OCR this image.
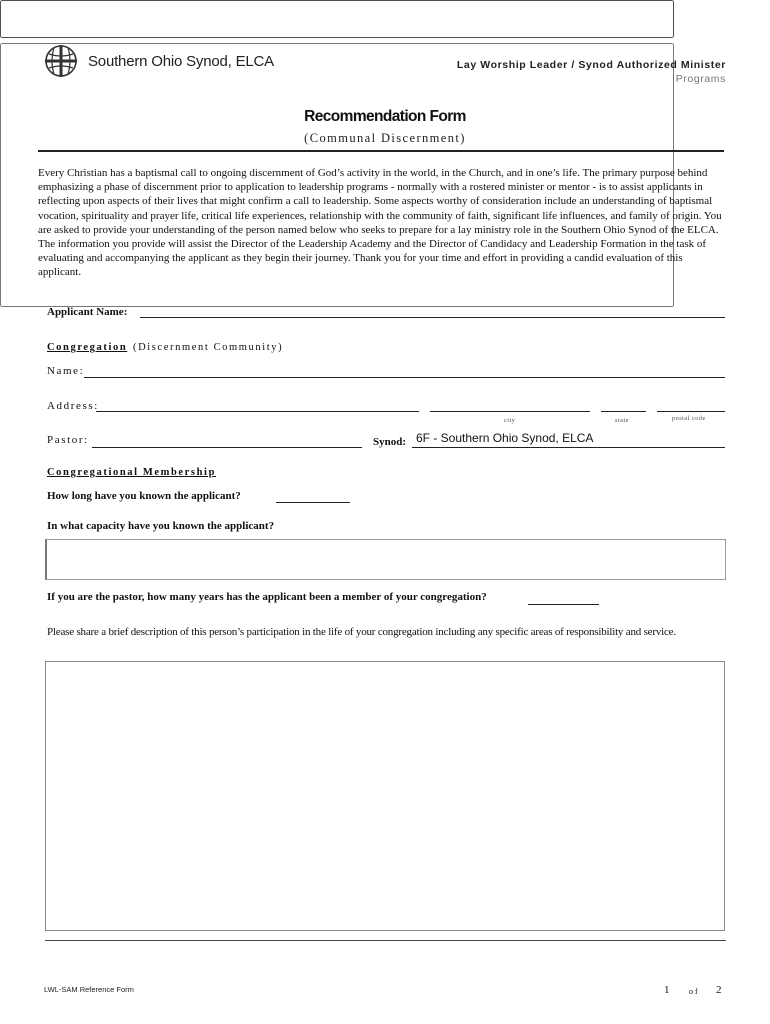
Southern Ohio Synod, ELCA	Lay Worship Leader / Synod Authorized Minister
Programs
Recommendation Form
(Communal Discernment)
Every Christian has a baptismal call to ongoing discernment of God’s activity in the world, in the Church, and in one’s life. The primary purpose behind emphasizing a phase of discernment prior to application to leadership programs - normally with a rostered minister or mentor - is to assist applicants in reflecting upon aspects of their lives that might confirm a call to leadership. Some aspects worthy of consideration include an understanding of baptismal vocation, spirituality and prayer life, critical life experiences, relationship with the community of faith, significant life influences, and family of origin. You are asked to provide your understanding of the person named below who seeks to prepare for a lay ministry role in the Southern Ohio Synod of the ELCA. The information you provide will assist the Director of the Leadership Academy and the Director of Candidacy and Leadership Formation in the task of evaluating and accompanying the applicant as they begin their journey. Thank you for your time and effort in providing a candid evaluation of this applicant.
Applicant Name:
Congregation (Discernment Community)
Name:
Address:
city	state	postal code
Pastor:	Synod:
6F - Southern Ohio Synod, ELCA
Congregational Membership
How long have you known the applicant?
In what capacity have you known the applicant?

If you are the pastor, how many years has the applicant been a member of your congregation?
Please share a brief description of this person’s participation in the life of your congregation including any specific areas of responsibility and service.
LWL-SAM Reference Form	1 of 2
